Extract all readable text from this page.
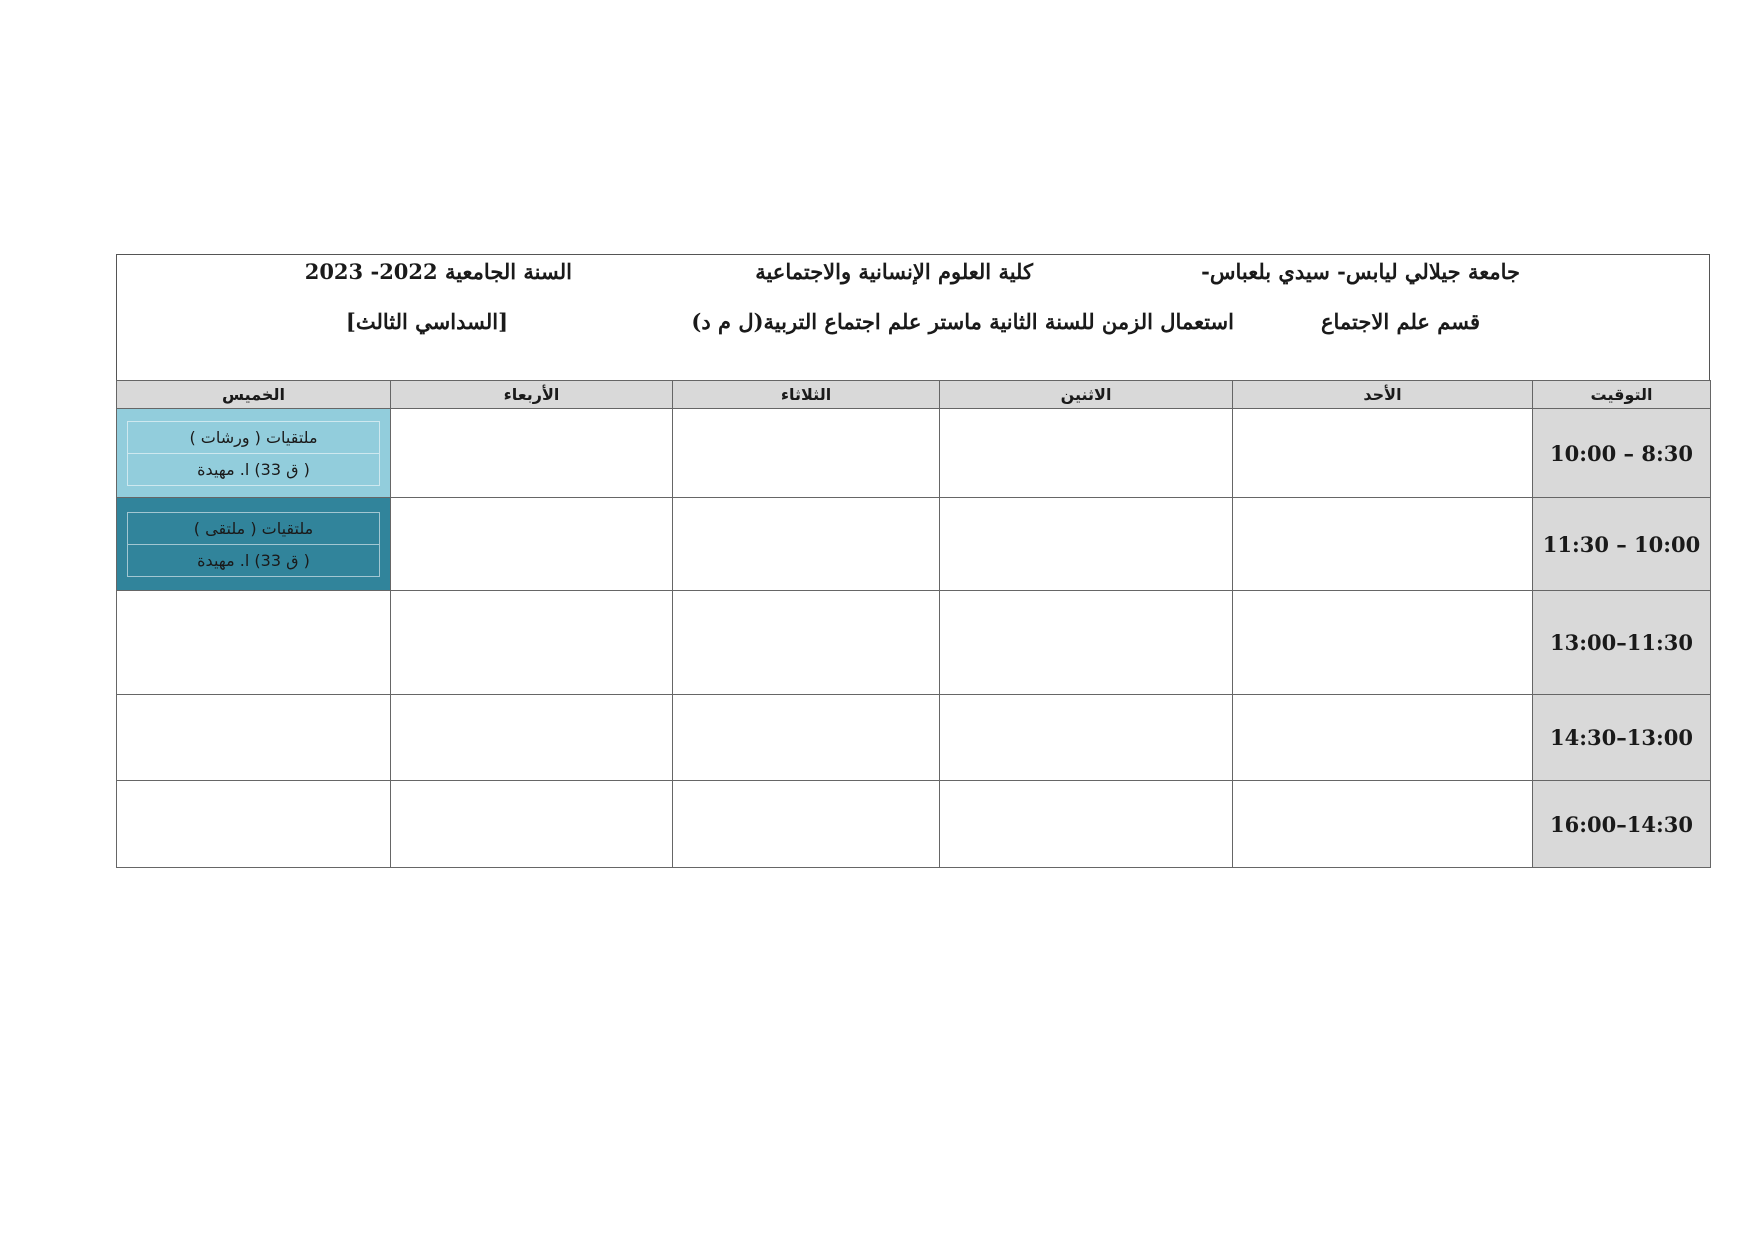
جامعة جيلالي ليابس- سيدي بلعباس-
كلية العلوم الإنسانية والاجتماعية
السنة الجامعية 2022- 2023
قسم علم الاجتماع
استعمال الزمن للسنة الثانية ماستر علم اجتماع التربية(ل م د)
[السداسي الثالث]
التوقيت	الأحد	الاثنين	الثلاثاء	الأربعاء	الخميس
10:00 – 8:30					ملتقيات ( ورشات )
( ق 33) ا. مهيدة

11:30 – 10:00					ملتقيات ( ملتقى )
( ق 33) ا. مهيدة

13:00–11:30					
14:30–13:00					
16:00–14:30					
